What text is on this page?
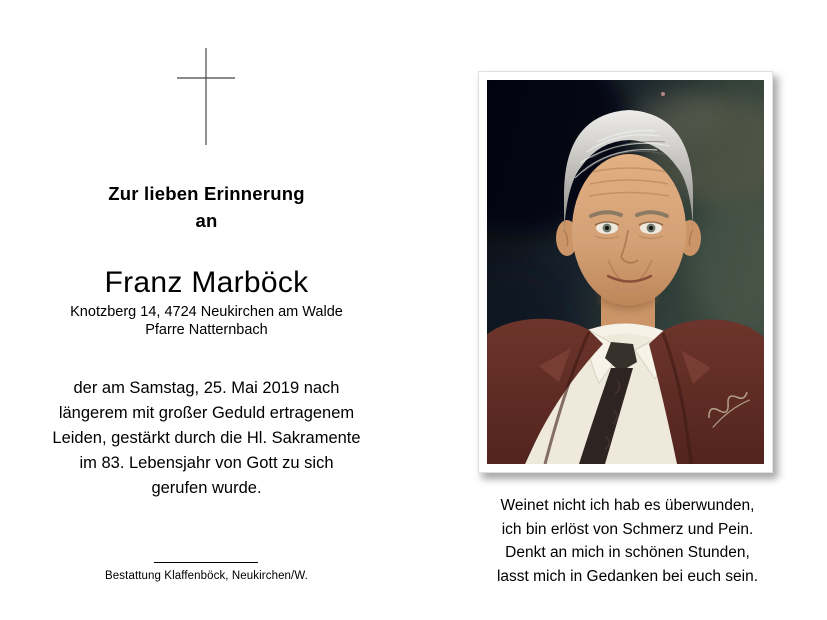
Zur lieben Erinnerung
an
Franz Marböck
Knotzberg 14, 4724 Neukirchen am Walde
Pfarre Natternbach
der am Samstag, 25. Mai 2019 nach
längerem mit großer Geduld ertragenem
Leiden, gestärkt durch die Hl. Sakramente
im 83. Lebensjahr von Gott zu sich
gerufen wurde.
Bestattung Klaffenböck, Neukirchen/W.
Weinet nicht ich hab es überwunden,
ich bin erlöst von Schmerz und Pein.
Denkt an mich in schönen Stunden,
lasst mich in Gedanken bei euch sein.
